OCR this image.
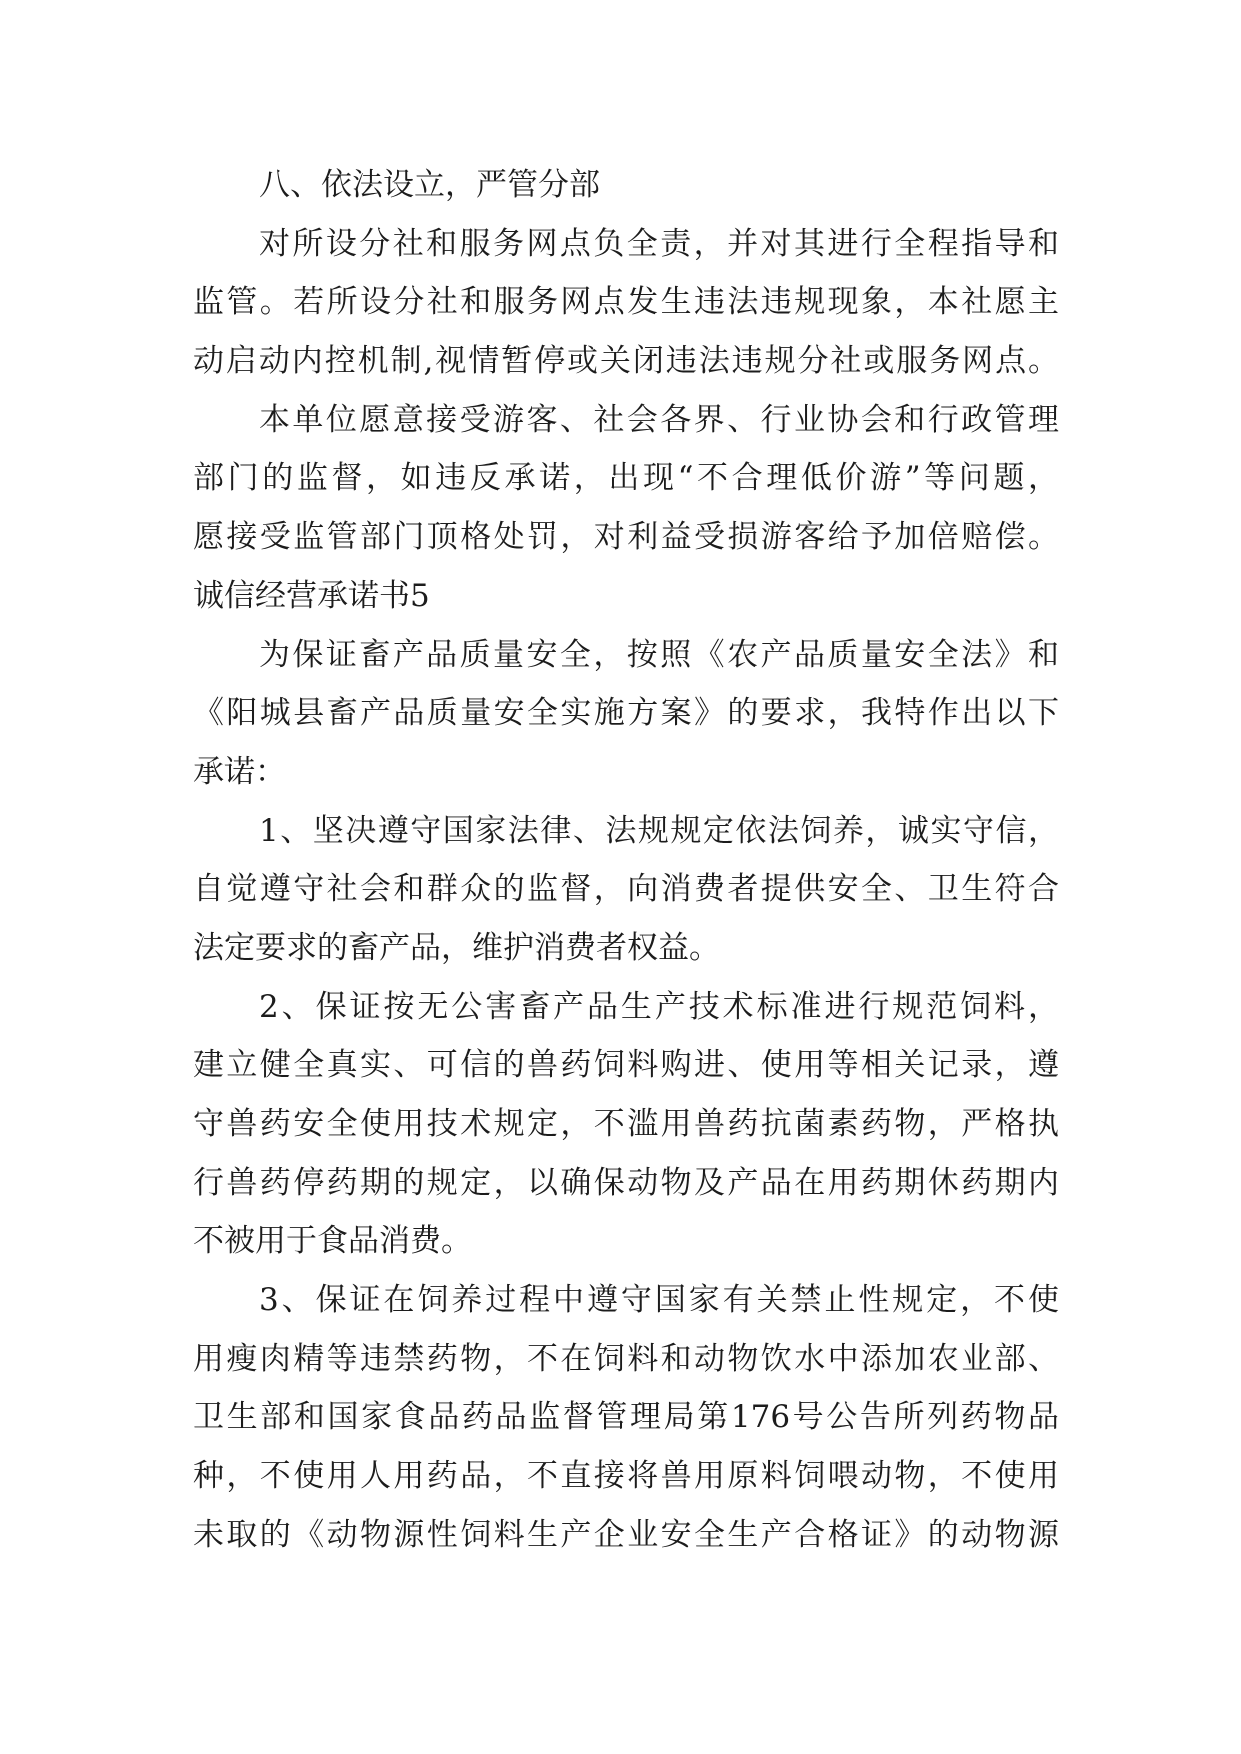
八、依法设立，严管分部
对所设分社和服务网点负全责，并对其进行全程指导和
监管。若所设分社和服务网点发生违法违规现象，本社愿主
动启动内控机制,视情暂停或关闭违法违规分社或服务网点。
本单位愿意接受游客、社会各界、行业协会和行政管理
部门的监督，如违反承诺，出现“不合理低价游”等问题，
愿接受监管部门顶格处罚，对利益受损游客给予加倍赔偿。
诚信经营承诺书5
为保证畜产品质量安全，按照《农产品质量安全法》和
《阳城县畜产品质量安全实施方案》的要求，我特作出以下
承诺：
1、坚决遵守国家法律、法规规定依法饲养，诚实守信，
自觉遵守社会和群众的监督，向消费者提供安全、卫生符合
法定要求的畜产品，维护消费者权益。
2、保证按无公害畜产品生产技术标准进行规范饲料，
建立健全真实、可信的兽药饲料购进、使用等相关记录，遵
守兽药安全使用技术规定，不滥用兽药抗菌素药物，严格执
行兽药停药期的规定，以确保动物及产品在用药期休药期内
不被用于食品消费。
3、保证在饲养过程中遵守国家有关禁止性规定，不使
用瘦肉精等违禁药物，不在饲料和动物饮水中添加农业部、
卫生部和国家食品药品监督管理局第176号公告所列药物品
种，不使用人用药品，不直接将兽用原料饲喂动物，不使用
未取的《动物源性饲料生产企业安全生产合格证》的动物源
